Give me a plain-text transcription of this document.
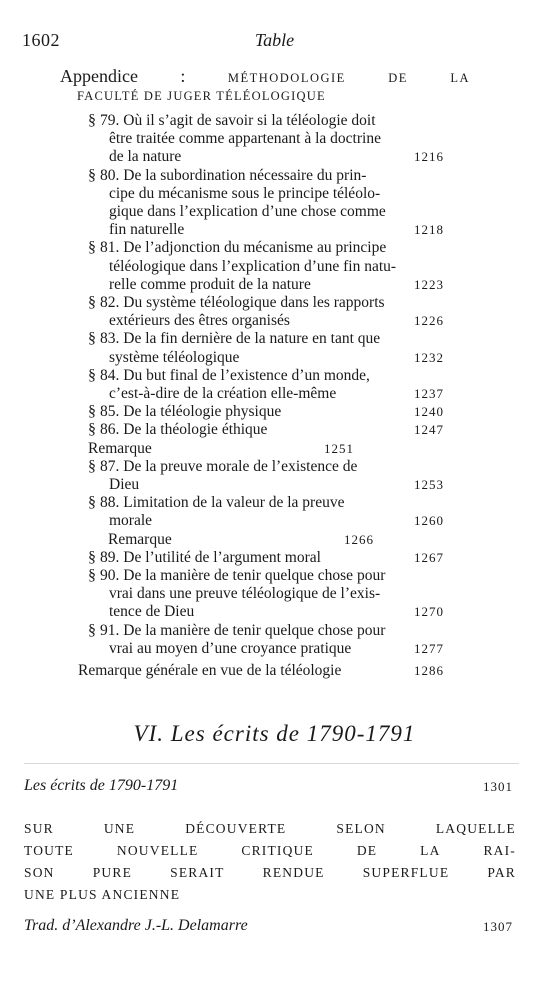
1602	Table
Appendice :	MÉTHODOLOGIE	DE	LA
FACULTÉ DE JUGER TÉLÉOLOGIQUE
§ 79. Où il s’agit de savoir si la téléologie doit
être traitée comme appartenant à la doctrine
de la nature	1216
§ 80. De la subordination nécessaire du prin-
cipe du mécanisme sous le principe téléolo-
gique dans l’explication d’une chose comme
fin naturelle	1218
§ 81. De l’adjonction du mécanisme au principe
téléologique dans l’explication d’une fin natu-
relle comme produit de la nature	1223
§ 82. Du système téléologique dans les rapports
extérieurs des êtres organisés	1226
§ 83. De la fin dernière de la nature en tant que
système téléologique	1232
§ 84. Du but final de l’existence d’un monde,
c’est-à-dire de la création elle-même	1237
§ 85. De la téléologie physique	1240
§ 86. De la théologie éthique	1247
Remarque	1251
§ 87. De la preuve morale de l’existence de
Dieu	1253
§ 88. Limitation de la valeur de la preuve
morale	1260
Remarque	1266
§ 89. De l’utilité de l’argument moral	1267
§ 90. De la manière de tenir quelque chose pour
vrai dans une preuve téléologique de l’exis-
tence de Dieu	1270
§ 91. De la manière de tenir quelque chose pour
vrai au moyen d’une croyance pratique	1277
Remarque générale en vue de la téléologie	1286
VI. Les écrits de 1790-1791
Les écrits de 1790-1791	1301
SUR	UNE	DÉCOUVERTE	SELON	LAQUELLE
TOUTE	NOUVELLE	CRITIQUE	DE	LA	RAI-
SON	PURE	SERAIT	RENDUE	SUPERFLUE	PAR
UNE PLUS ANCIENNE
Trad. d’Alexandre J.-L. Delamarre	1307
